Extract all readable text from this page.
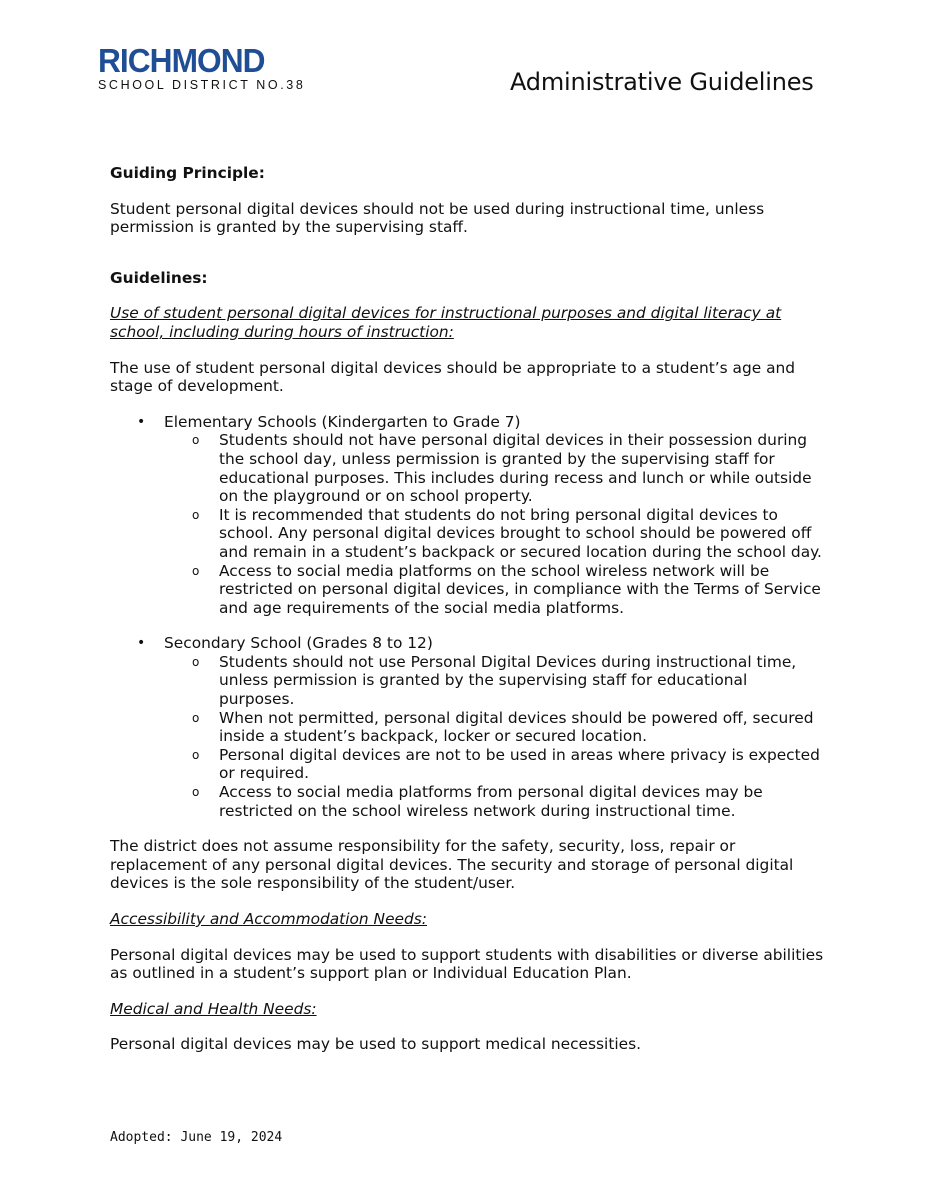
RICHMOND
SCHOOL DISTRICT NO.38	Administrative Guidelines

Guiding Principle:

Student personal digital devices should not be used during instructional time, unless

permission is granted by the supervising staff.

Guidelines:

Use of student personal digital devices for instructional purposes and digital literacy at

school, including during hours of instruction:

The use of student personal digital devices should be appropriate to a student’s age and

stage of development.

• Elementary Schools (Kindergarten to Grade 7)
o Students should not have personal digital devices in their possession during
the school day, unless permission is granted by the supervising staff for
educational purposes. This includes during recess and lunch or while outside
on the playground or on school property.
o It is recommended that students do not bring personal digital devices to
school. Any personal digital devices brought to school should be powered off
and remain in a student’s backpack or secured location during the school day.
o Access to social media platforms on the school wireless network will be
restricted on personal digital devices, in compliance with the Terms of Service
and age requirements of the social media platforms.
• Secondary School (Grades 8 to 12)
o Students should not use Personal Digital Devices during instructional time,
unless permission is granted by the supervising staff for educational
purposes.
o When not permitted, personal digital devices should be powered off, secured
inside a student’s backpack, locker or secured location.
o Personal digital devices are not to be used in areas where privacy is expected
or required.
o Access to social media platforms from personal digital devices may be
restricted on the school wireless network during instructional time.

The district does not assume responsibility for the safety, security, loss, repair or

replacement of any personal digital devices. The security and storage of personal digital

devices is the sole responsibility of the student/user.

Accessibility and Accommodation Needs:

Personal digital devices may be used to support students with disabilities or diverse abilities

as outlined in a student’s support plan or Individual Education Plan.

Medical and Health Needs:

Personal digital devices may be used to support medical necessities.

Adopted: June 19, 2024
